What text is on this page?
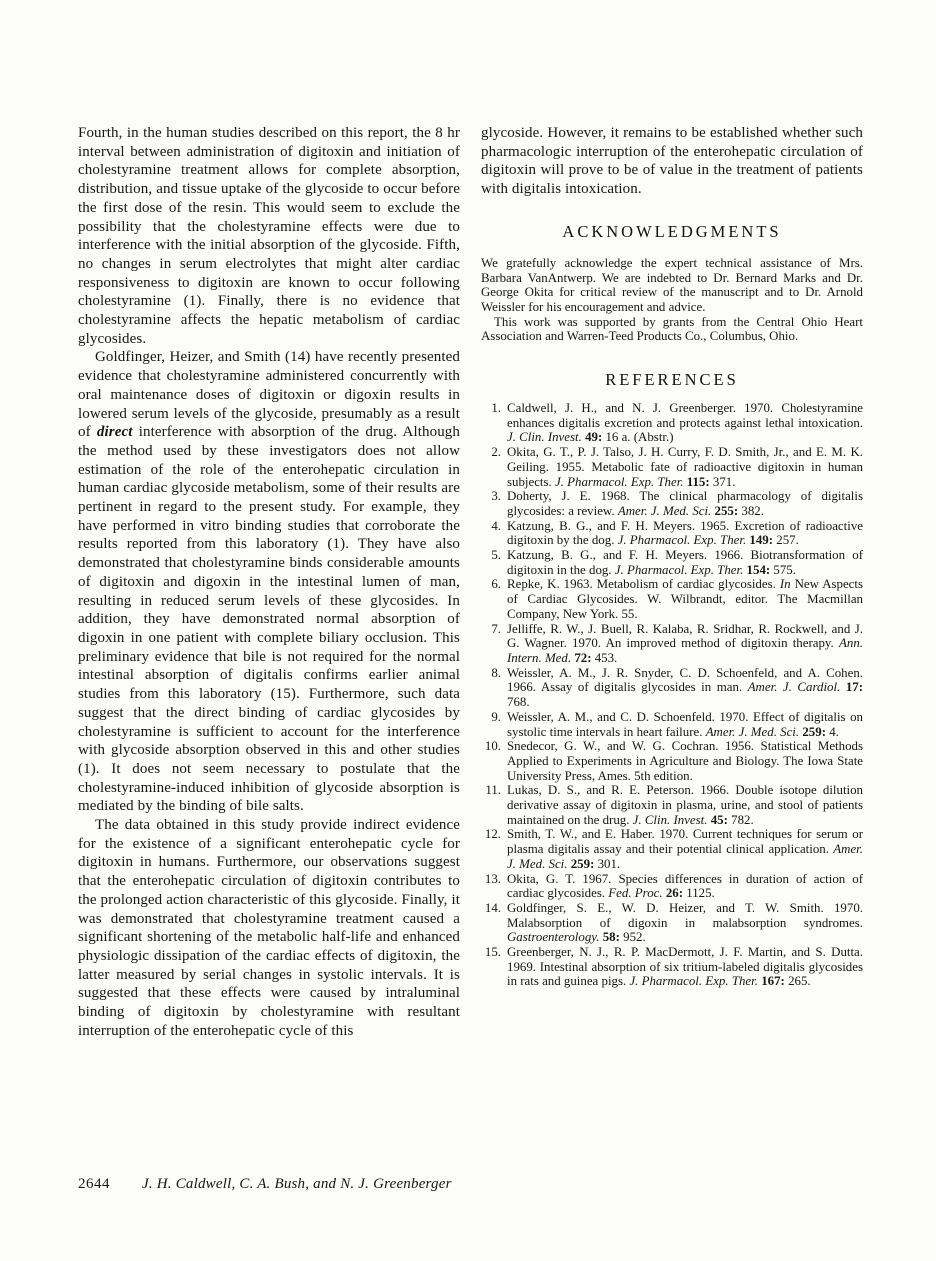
Fourth, in the human studies described on this report, the 8 hr interval between administration of digitoxin and initiation of cholestyramine treatment allows for complete absorption, distribution, and tissue uptake of the glycoside to occur before the first dose of the resin. This would seem to exclude the possibility that the cholestyramine effects were due to interference with the initial absorption of the glycoside. Fifth, no changes in serum electrolytes that might alter cardiac responsiveness to digitoxin are known to occur following cholestyramine (1). Finally, there is no evidence that cholestyramine affects the hepatic metabolism of cardiac glycosides.

Goldfinger, Heizer, and Smith (14) have recently presented evidence that cholestyramine administered concurrently with oral maintenance doses of digitoxin or digoxin results in lowered serum levels of the glycoside, presumably as a result of direct interference with absorption of the drug. Although the method used by these investigators does not allow estimation of the role of the enterohepatic circulation in human cardiac glycoside metabolism, some of their results are pertinent in regard to the present study. For example, they have performed in vitro binding studies that corroborate the results reported from this laboratory (1). They have also demonstrated that cholestyramine binds considerable amounts of digitoxin and digoxin in the intestinal lumen of man, resulting in reduced serum levels of these glycosides. In addition, they have demonstrated normal absorption of digoxin in one patient with complete biliary occlusion. This preliminary evidence that bile is not required for the normal intestinal absorption of digitalis confirms earlier animal studies from this laboratory (15). Furthermore, such data suggest that the direct binding of cardiac glycosides by cholestyramine is sufficient to account for the interference with glycoside absorption observed in this and other studies (1). It does not seem necessary to postulate that the cholestyramine-induced inhibition of glycoside absorption is mediated by the binding of bile salts.

The data obtained in this study provide indirect evidence for the existence of a significant enterohepatic cycle for digitoxin in humans. Furthermore, our observations suggest that the enterohepatic circulation of digitoxin contributes to the prolonged action characteristic of this glycoside. Finally, it was demonstrated that cholestyramine treatment caused a significant shortening of the metabolic half-life and enhanced physiologic dissipation of the cardiac effects of digitoxin, the latter measured by serial changes in systolic intervals. It is suggested that these effects were caused by intraluminal binding of digitoxin by cholestyramine with resultant interruption of the enterohepatic cycle of this

glycoside. However, it remains to be established whether such pharmacologic interruption of the enterohepatic circulation of digitoxin will prove to be of value in the treatment of patients with digitalis intoxication.

ACKNOWLEDGMENTS

We gratefully acknowledge the expert technical assistance of Mrs. Barbara VanAntwerp. We are indebted to Dr. Bernard Marks and Dr. George Okita for critical review of the manuscript and to Dr. Arnold Weissler for his encouragement and advice.

This work was supported by grants from the Central Ohio Heart Association and Warren-Teed Products Co., Columbus, Ohio.

REFERENCES
1. Caldwell, J. H., and N. J. Greenberger. 1970. Cholestyramine enhances digitalis excretion and protects against lethal intoxication. J. Clin. Invest. 49: 16 a. (Abstr.)
2. Okita, G. T., P. J. Talso, J. H. Curry, F. D. Smith, Jr., and E. M. K. Geiling. 1955. Metabolic fate of radioactive digitoxin in human subjects. J. Pharmacol. Exp. Ther. 115: 371.
3. Doherty, J. E. 1968. The clinical pharmacology of digitalis glycosides: a review. Amer. J. Med. Sci. 255: 382.
4. Katzung, B. G., and F. H. Meyers. 1965. Excretion of radioactive digitoxin by the dog. J. Pharmacol. Exp. Ther. 149: 257.
5. Katzung, B. G., and F. H. Meyers. 1966. Biotransformation of digitoxin in the dog. J. Pharmacol. Exp. Ther. 154: 575.
6. Repke, K. 1963. Metabolism of cardiac glycosides. In New Aspects of Cardiac Glycosides. W. Wilbrandt, editor. The Macmillan Company, New York. 55.
7. Jelliffe, R. W., J. Buell, R. Kalaba, R. Sridhar, R. Rockwell, and J. G. Wagner. 1970. An improved method of digitoxin therapy. Ann. Intern. Med. 72: 453.
8. Weissler, A. M., J. R. Snyder, C. D. Schoenfeld, and A. Cohen. 1966. Assay of digitalis glycosides in man. Amer. J. Cardiol. 17: 768.
9. Weissler, A. M., and C. D. Schoenfeld. 1970. Effect of digitalis on systolic time intervals in heart failure. Amer. J. Med. Sci. 259: 4.
10. Snedecor, G. W., and W. G. Cochran. 1956. Statistical Methods Applied to Experiments in Agriculture and Biology. The Iowa State University Press, Ames. 5th edition.
11. Lukas, D. S., and R. E. Peterson. 1966. Double isotope dilution derivative assay of digitoxin in plasma, urine, and stool of patients maintained on the drug. J. Clin. Invest. 45: 782.
12. Smith, T. W., and E. Haber. 1970. Current techniques for serum or plasma digitalis assay and their potential clinical application. Amer. J. Med. Sci. 259: 301.
13. Okita, G. T. 1967. Species differences in duration of action of cardiac glycosides. Fed. Proc. 26: 1125.
14. Goldfinger, S. E., W. D. Heizer, and T. W. Smith. 1970. Malabsorption of digoxin in malabsorption syndromes. Gastroenterology. 58: 952.
15. Greenberger, N. J., R. P. MacDermott, J. F. Martin, and S. Dutta. 1969. Intestinal absorption of six tritium-labeled digitalis glycosides in rats and guinea pigs. J. Pharmacol. Exp. Ther. 167: 265.
2644 J. H. Caldwell, C. A. Bush, and N. J. Greenberger
